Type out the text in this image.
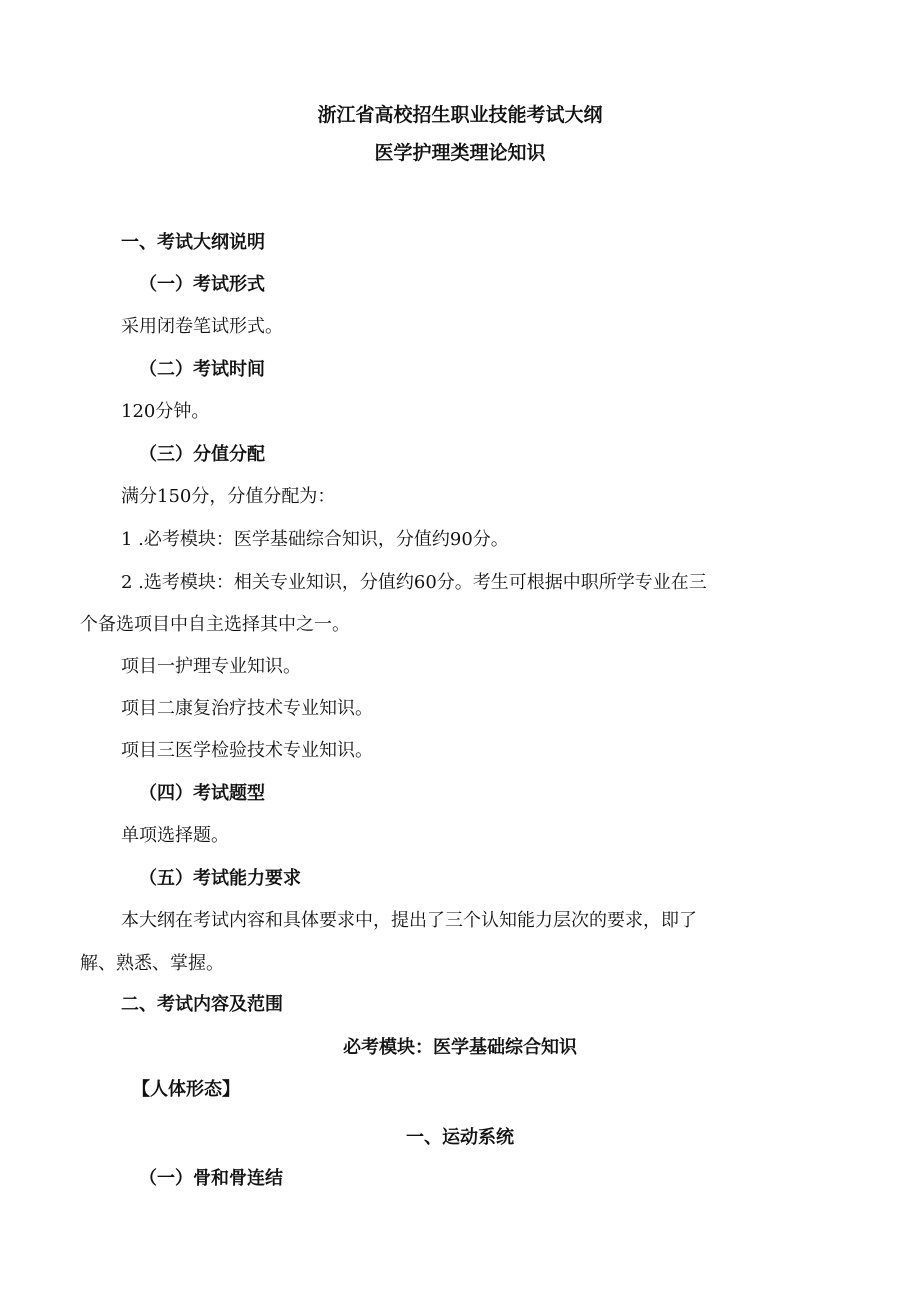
浙江省高校招生职业技能考试大纲
医学护理类理论知识
一、考试大纲说明
（一）考试形式
采用闭卷笔试形式。
（二）考试时间
120分钟。
（三）分值分配
满分150分，分值分配为：
1 .必考模块：医学基础综合知识，分值约90分。
2 .选考模块：相关专业知识，分值约60分。考生可根据中职所学专业在三
个备选项目中自主选择其中之一。
项目一护理专业知识。
项目二康复治疗技术专业知识。
项目三医学检验技术专业知识。
（四）考试题型
单项选择题。
（五）考试能力要求
本大纲在考试内容和具体要求中，提出了三个认知能力层次的要求，即了
解、熟悉、掌握。
二、考试内容及范围
必考模块：医学基础综合知识
【人体形态】
一、运动系统
（一）骨和骨连结
